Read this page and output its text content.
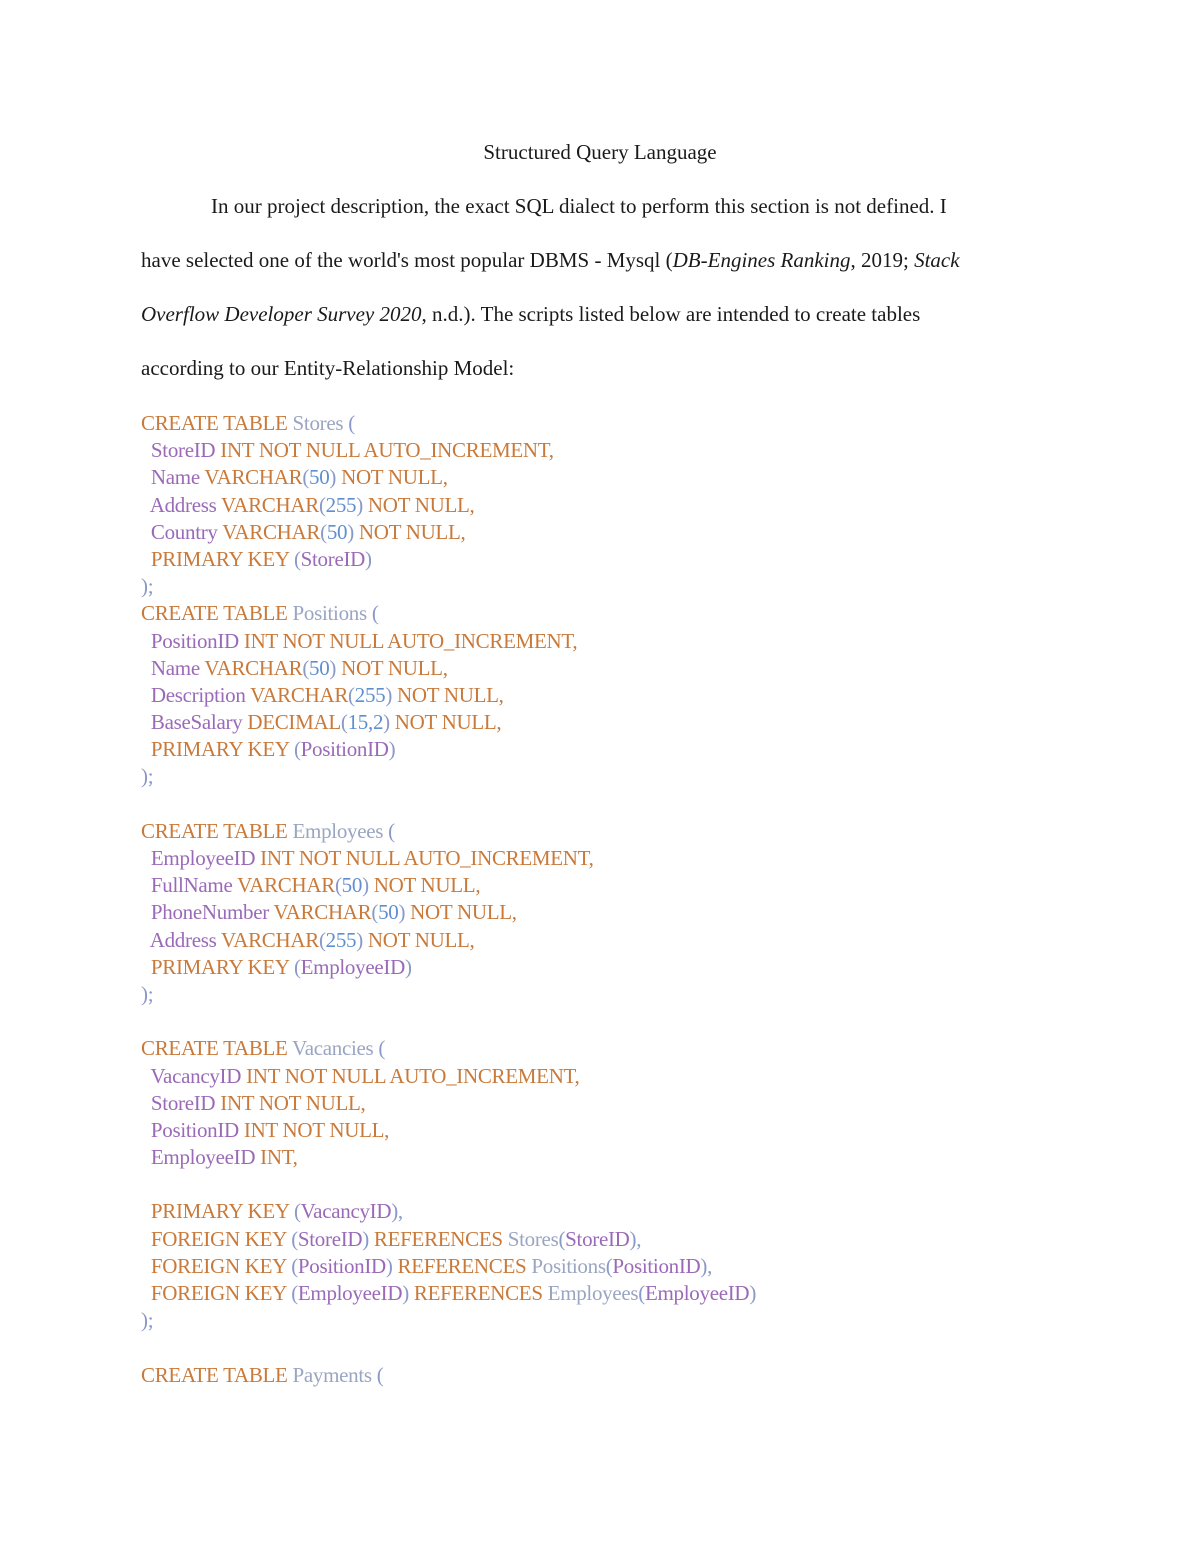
Structured Query Language
In our project description, the exact SQL dialect to perform this section is not defined. I
have selected one of the world's most popular DBMS - Mysql (DB-Engines Ranking, 2019; Stack
Overflow Developer Survey 2020, n.d.). The scripts listed below are intended to create tables
according to our Entity-Relationship Model:
CREATE TABLE Stores (
StoreID INT NOT NULL AUTO_INCREMENT,
Name VARCHAR(50) NOT NULL,
Address VARCHAR(255) NOT NULL,
Country VARCHAR(50) NOT NULL,
PRIMARY KEY (StoreID)
);
CREATE TABLE Positions (
PositionID INT NOT NULL AUTO_INCREMENT,
Name VARCHAR(50) NOT NULL,
Description VARCHAR(255) NOT NULL,
BaseSalary DECIMAL(15,2) NOT NULL,
PRIMARY KEY (PositionID)
);
CREATE TABLE Employees (
EmployeeID INT NOT NULL AUTO_INCREMENT,
FullName VARCHAR(50) NOT NULL,
PhoneNumber VARCHAR(50) NOT NULL,
Address VARCHAR(255) NOT NULL,
PRIMARY KEY (EmployeeID)
);
CREATE TABLE Vacancies (
VacancyID INT NOT NULL AUTO_INCREMENT,
StoreID INT NOT NULL,
PositionID INT NOT NULL,
EmployeeID INT,
PRIMARY KEY (VacancyID),
FOREIGN KEY (StoreID) REFERENCES Stores(StoreID),
FOREIGN KEY (PositionID) REFERENCES Positions(PositionID),
FOREIGN KEY (EmployeeID) REFERENCES Employees(EmployeeID)
);
CREATE TABLE Payments (
